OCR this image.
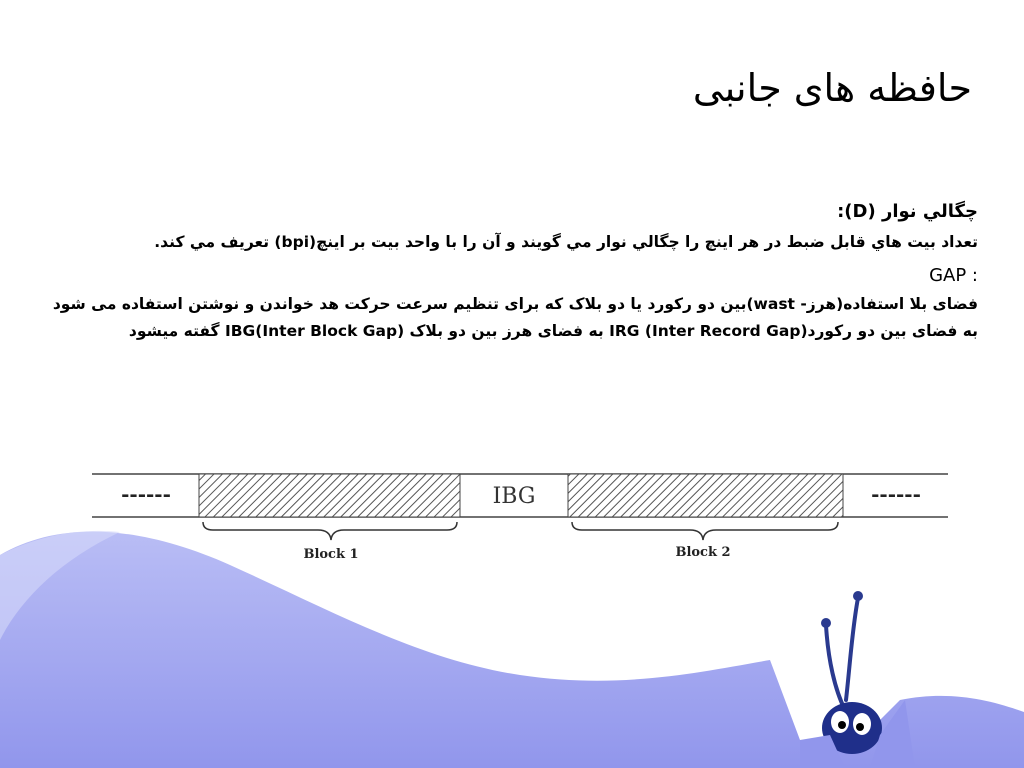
حافظه های جانبی

چگالي نوار (D):

تعداد بيت هاي قابل ضبط در هر اينچ را چگالي نوار مي گويند و آن را با واحد بيت بر اينچ(bpi) تعريف مي كند.

: GAP

فضای بلا استفاده(هرز- wast)بین دو رکورد یا دو بلاک که برای تنظیم سرعت حرکت هد خواندن و نوشتن استفاده می شود به فضای بین دو رکورد(IRG (Inter Record Gap به فضای هرز بین دو بلاک IBG(Inter Block Gap) گفته میشود

------	------
IBG
Block 1	Block 2
